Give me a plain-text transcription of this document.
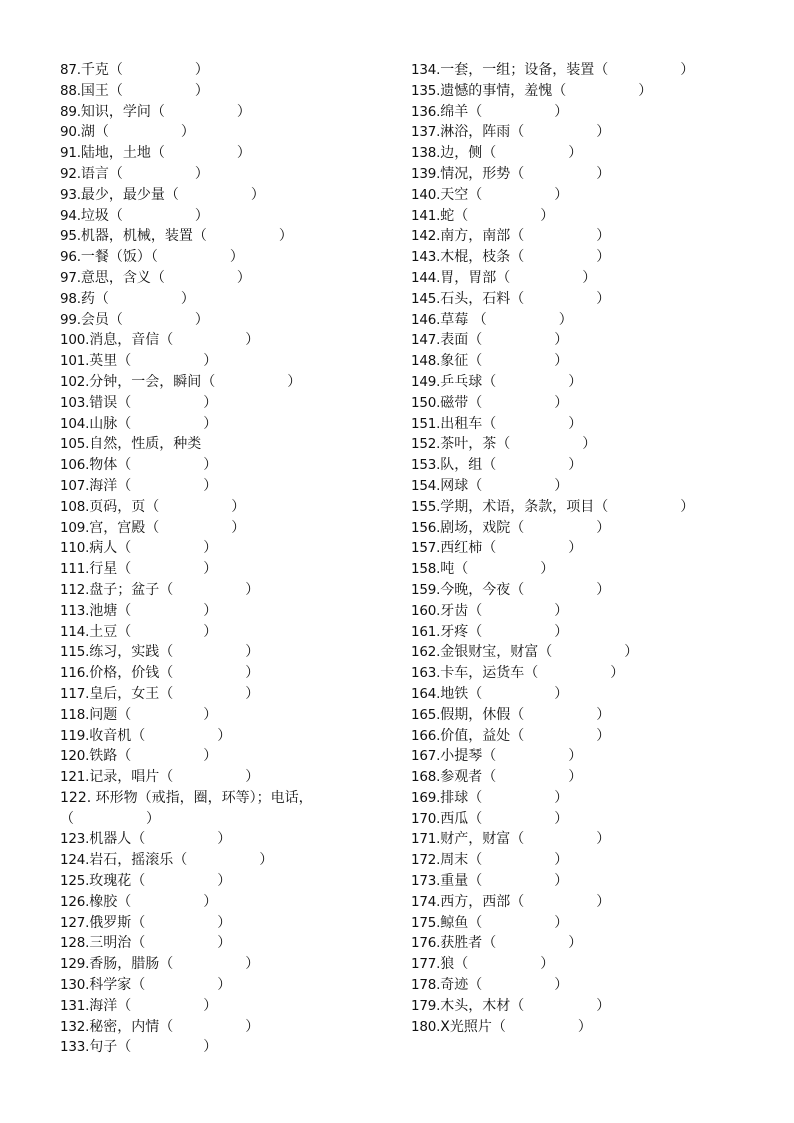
87.千克（	）
88.国王（	）
89.知识，学问（	）
90.湖（	）
91.陆地，土地（	）
92.语言（	）
93.最少，最少量（	）
94.垃圾（	）
95.机器，机械，装置（	）
96.一餐（饭）（	）
97.意思，含义（	）
98.药（	）
99.会员（	）
100.消息，音信（	）
101.英里（	）
102.分钟，一会，瞬间（	）
103.错误（	）
104.山脉（	）
105.自然，性质，种类
106.物体（	）
107.海洋（	）
108.页码，页（	）
109.宫，宫殿（	）
110.病人（	）
111.行星（	）
112.盘子；盆子（	）
113.池塘（	）
114.土豆（	）
115.练习，实践（	）
116.价格，价钱（	）
117.皇后，女王（	）
118.问题（	）
119.收音机（	）
120.铁路（	）
121.记录，唱片（	）
122. 环形物（戒指，圈，环等）；电话，
（	）
123.机器人（	）
124.岩石，摇滚乐（	）
125.玫瑰花（	）
126.橡胶（	）
127.俄罗斯（	）
128.三明治（	）
129.香肠，腊肠（	）
130.科学家（	）
131.海洋（	）
132.秘密，内情（	）
133.句子（	）
134.一套，一组；设备，装置（	）
135.遗憾的事情，羞愧（	）
136.绵羊（	）
137.淋浴，阵雨（	）
138.边，侧（	）
139.情况，形势（	）
140.天空（	）
141.蛇（	）
142.南方，南部（	）
143.木棍，枝条（	）
144.胃，胃部（	）
145.石头，石料（	）
146.草莓 （	）
147.表面（	）
148.象征（	）
149.乒乓球（	）
150.磁带（	）
151.出租车（	）
152.茶叶，茶（	）
153.队，组（	）
154.网球（	）
155.学期，术语，条款，项目（	）
156.剧场，戏院（	）
157.西红柿（	）
158.吨（	）
159.今晚，今夜（	）
160.牙齿（	）
161.牙疼（	）
162.金银财宝，财富（	）
163.卡车，运货车（	）
164.地铁（	）
165.假期，休假（	）
166.价值，益处（	）
167.小提琴（	）
168.参观者（	）
169.排球（	）
170.西瓜（	）
171.财产，财富（	）
172.周末（	）
173.重量（	）
174.西方，西部（	）
175.鲸鱼（	）
176.获胜者（	）
177.狼（	）
178.奇迹（	）
179.木头，木材（	）
180.X光照片（	）
